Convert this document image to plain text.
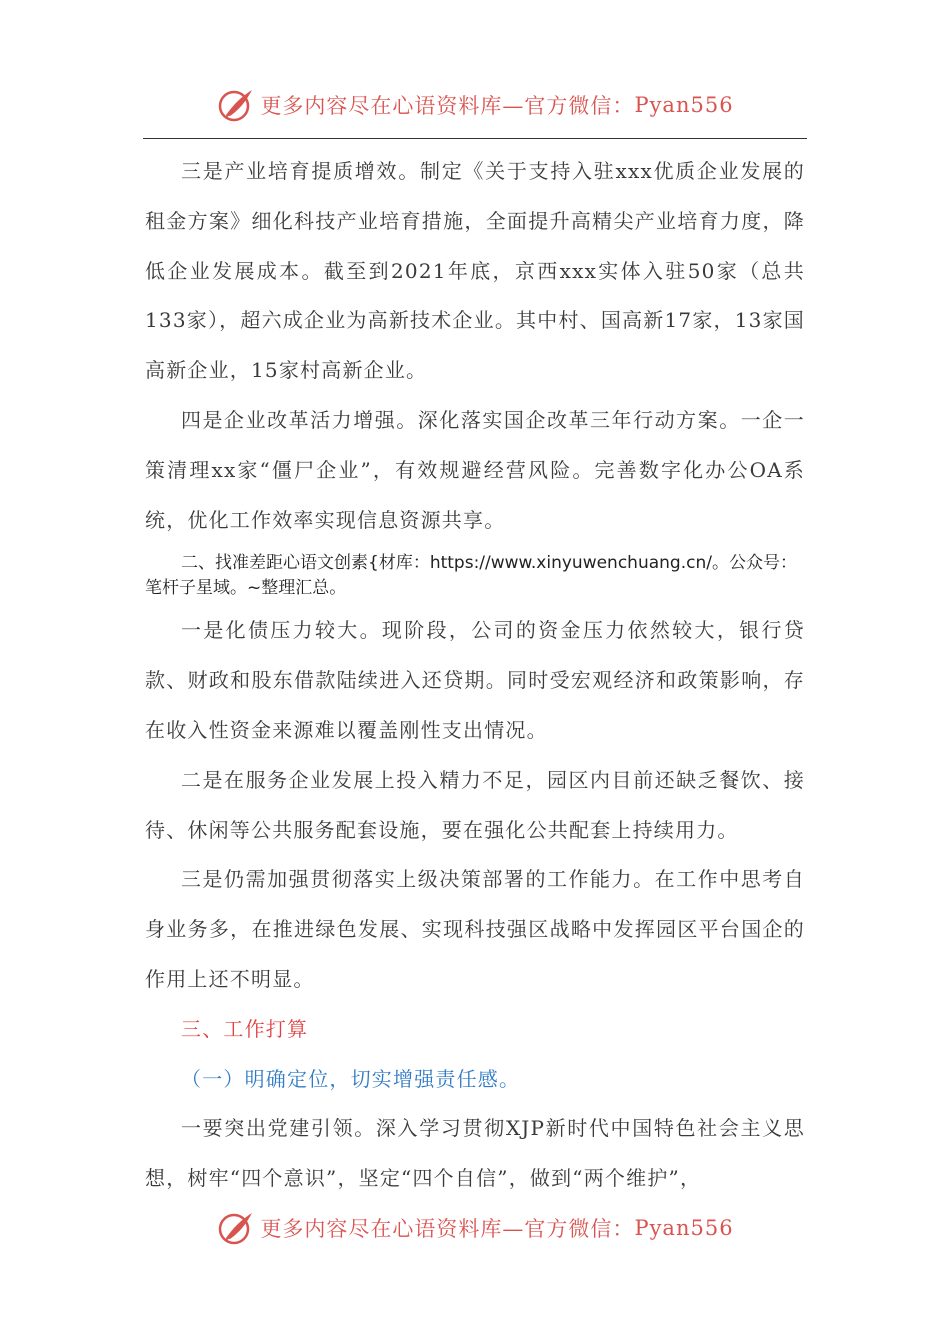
更多内容尽在心语资料库—官方微信： Pyan556

三是产业培育提质增效。制定《关于支持入驻xxx优质企业发展的租金方案》细化科技产业培育措施，全面提升高精尖产业培育力度，降低企业发展成本。截至到2021年底，京西xxx实体入驻50家（总共133家），超六成企业为高新技术企业。其中村、国高新17家，13家国高新企业，15家村高新企业。

四是企业改革活力增强。深化落实国企改革三年行动方案。一企一策清理xx家“僵尸企业”，有效规避经营风险。完善数字化办公OA系统，优化工作效率实现信息资源共享。

二、找准差距心语文创素{材库：https://www.xinyuwenchuang.cn/。公众号：笔杆子星域。~整理汇总。

一是化债压力较大。现阶段，公司的资金压力依然较大，银行贷款、财政和股东借款陆续进入还贷期。同时受宏观经济和政策影响，存在收入性资金来源难以覆盖刚性支出情况。

二是在服务企业发展上投入精力不足，园区内目前还缺乏餐饮、接待、休闲等公共服务配套设施，要在强化公共配套上持续用力。

三是仍需加强贯彻落实上级决策部署的工作能力。在工作中思考自身业务多，在推进绿色发展、实现科技强区战略中发挥园区平台国企的作用上还不明显。

三、工作打算

（一）明确定位，切实增强责任感。

一要突出党建引领。深入学习贯彻XJP新时代中国特色社会主义思想，树牢“四个意识”，坚定“四个自信”，做到“两个维护”，

更多内容尽在心语资料库—官方微信： Pyan556
